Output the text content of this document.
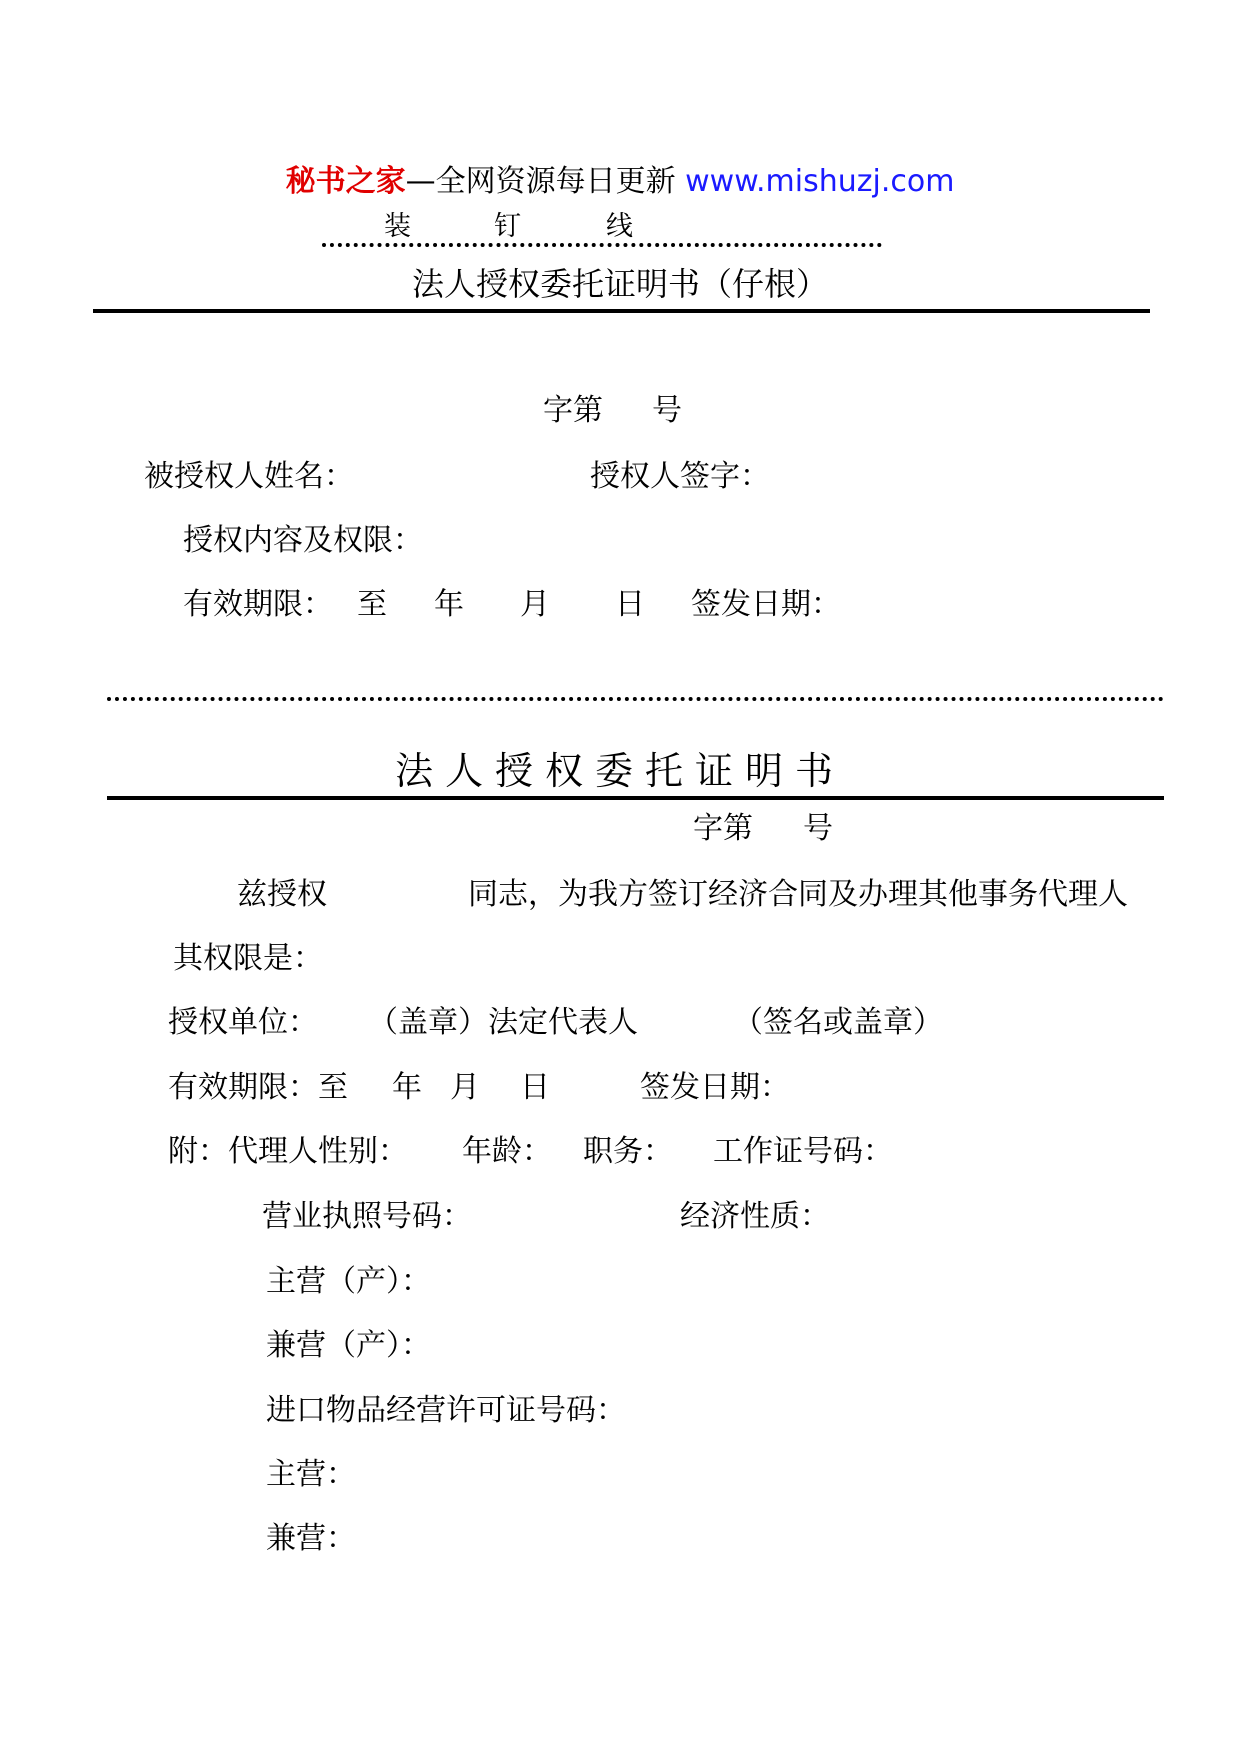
秘书之家—全网资源每日更新 www.mishuzj.com
装	钉	线
法人授权委托证明书（仔根）
字第 号
被授权人姓名：	授权人签字：
授权内容及权限：
有效期限： 至 年 月 日 签发日期：
法人授权委托证明书
字第 号
兹授权	同志，为我方签订经济合同及办理其他事务代理人
其权限是：
授权单位： （盖章）法定代表人	（签名或盖章）
有效期限：至 年 月 日	签发日期：
附：代理人性别： 年龄： 职务： 工作证号码：
营业执照号码：	经济性质：
主营（产）：
兼营（产）：
进口物品经营许可证号码：
主营：
兼营：
